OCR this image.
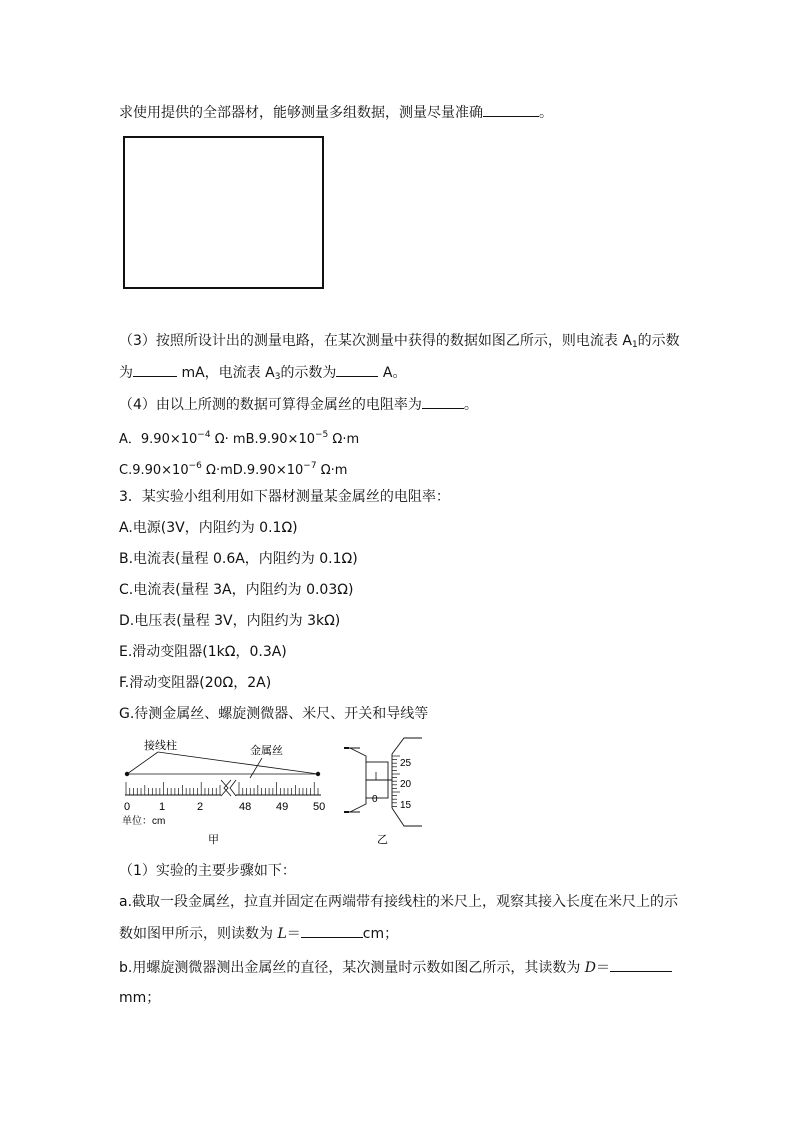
求使用提供的全部器材，能够测量多组数据，测量尽量准确	。
（3）按照所设计出的测量电路，在某次测量中获得的数据如图乙所示，则电流表 $A_1$的示数
为	mA，电流表 $A_3$的示数为	A。
（4）由以上所测的数据可算得金属丝的电阻率为	。
A．$9.90\times 10^{-4}$ $\Omega\cdot mB.9.90\times 10^{-5}$ Ω·m
$C.9.90\times 10^{-6}$ $\Omega\cdot mD.9.90\times 10^{-7}$ Ω·m
3．某实验小组利用如下器材测量某金属丝的电阻率：
A.电源(3V，内阻约为 0.1Ω)
B.电流表(量程 0.6A，内阻约为 0.1Ω)
C.电流表(量程 3A，内阻约为 0.03Ω)
D.电压表(量程 3V，内阻约为 3kΩ)
E.滑动变阻器(1kΩ，0.3A)
F.滑动变阻器(20Ω，2A)
G.待测金属丝、螺旋测微器、米尺、开关和导线等
接线柱	金属丝
0	1	2	48 49 50
单位：cm
甲
0
25
20
15
乙
（1）实验的主要步骤如下：
a.截取一段金属丝，拉直并固定在两端带有接线柱的米尺上，观察其接入长度在米尺上的示
数如图甲所示，则读数为 L＝	cm；
b.用螺旋测微器测出金属丝的直径，某次测量时示数如图乙所示，其读数为 D＝
mm；
